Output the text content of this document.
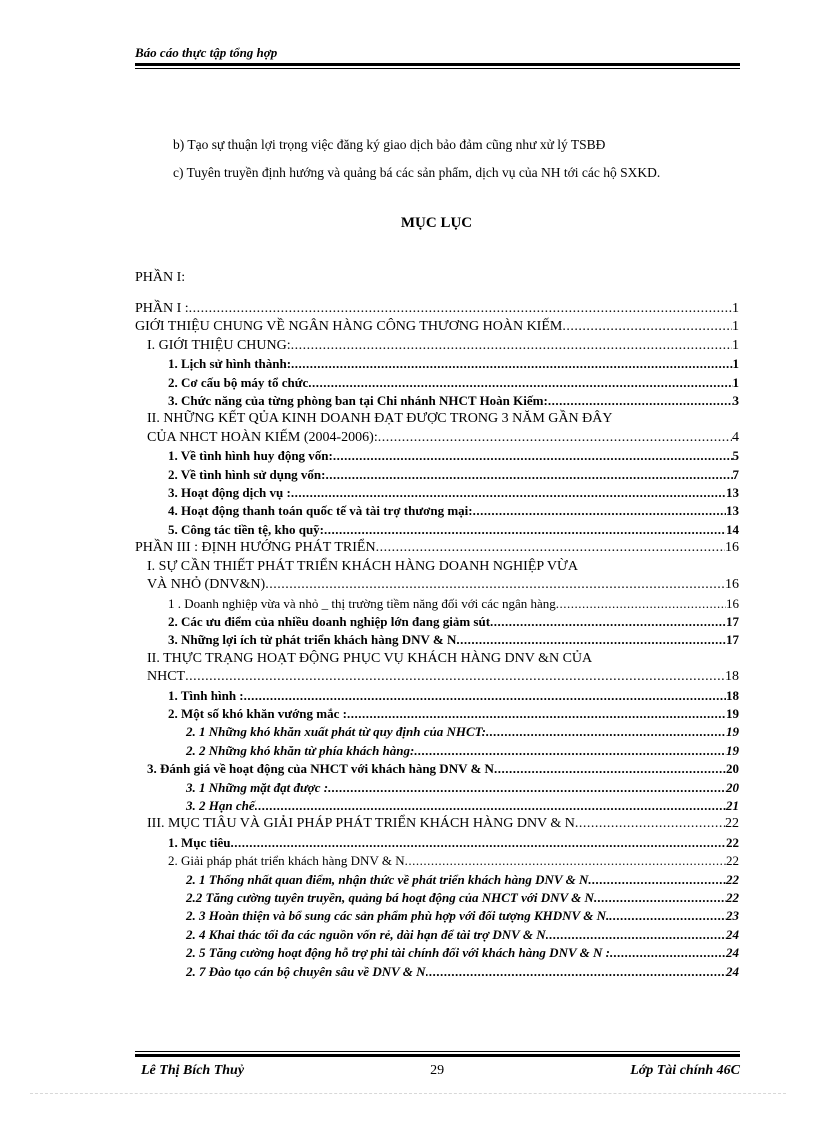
Báo cáo thực tập tổng hợp

b) Tạo sự thuận lợi trọng việc đăng ký giao dịch bảo đảm cũng như xử lý TSBĐ

c) Tuyên truyền định hướng và quảng bá các sản phẩm, dịch vụ của NH tới các hộ SXKD.

MỤC LỤC
PHẦN I:
PHẦN I : .....	1
GIỚI THIỆU CHUNG VỀ NGÂN HÀNG CÔNG THƯƠNG HOÀN KIẾM .....	1
I. GIỚI THIỆU CHUNG: .....	1
1. Lịch sử hình thành: .....	1
2. Cơ cấu bộ máy tổ chức .....	1
3. Chức năng của từng phòng ban tại Chi nhánh NHCT Hoàn Kiếm: .....	3
II. NHỮNG KẾT QỦA KINH DOANH ĐẠT ĐƯỢC TRONG 3 NĂM GẦN ĐÂY
CỦA NHCT HOÀN KIẾM (2004-2006): .....	4
1. Về tình hình huy động vốn: .....	5
2. Về tình hình sử dụng vốn: .....	7
3. Hoạt động dịch vụ : .....	13
4. Hoạt động thanh toán quốc tế và tài trợ thương mại: .....	13
5. Công tác tiền tệ, kho quỹ: .....	14
PHẦN III : ĐỊNH HƯỚNG PHÁT TRIỂN .....	16
I. SỰ CẦN THIẾT PHÁT TRIỂN KHÁCH HÀNG DOANH NGHIỆP VỪA
VÀ NHỎ (DNV&N) .....	16
1 . Doanh nghiệp vừa và nhỏ _ thị trường tiềm năng đối với các ngân hàng .....	16
2. Các ưu điểm của nhiều doanh nghiệp lớn đang giảm sút .....	17
3. Những lợi ích từ phát triển khách hàng DNV & N .....	17
II. THỰC TRẠNG HOẠT ĐỘNG PHỤC VỤ KHÁCH HÀNG DNV &N CỦA
NHCT .....	18
1. Tình hình : .....	18
2. Một số khó khăn vướng mắc : .....	19
2. 1 Những khó khăn xuất phát từ quy định của NHCT: .....	19
2. 2 Những khó khăn từ phía khách hàng: .....	19
3. Đánh giá về hoạt động của NHCT với khách hàng DNV & N .....	20
3. 1 Những mặt đạt được : .....	20
3. 2 Hạn chế .....	21
III. MỤC TIÂU VÀ GIẢI PHÁP PHÁT TRIỂN KHÁCH HÀNG DNV & N .....	22
1. Mục tiêu .....	22
2. Giải pháp phát triển khách hàng DNV & N .....	22
2. 1 Thống nhất quan điểm, nhận thức về phát triển khách hàng DNV & N .....	22
2.2 Tăng cường tuyên truyền, quảng bá hoạt động của NHCT với DNV & N .....	22
2. 3 Hoàn thiện và bổ sung các sản phẩm phù hợp với đối tượng KHDNV & N. .....	23
2. 4 Khai thác tối đa các nguồn vốn rẻ, dài hạn để tài trợ DNV & N .....	24
2. 5 Tăng cường hoạt động hỗ trợ phi tài chính đối với khách hàng DNV & N : .....	24
2. 7 Đào tạo cán bộ chuyên sâu về DNV & N .....	24
Lê Thị Bích Thuỷ	29	Lớp Tài chính 46C
